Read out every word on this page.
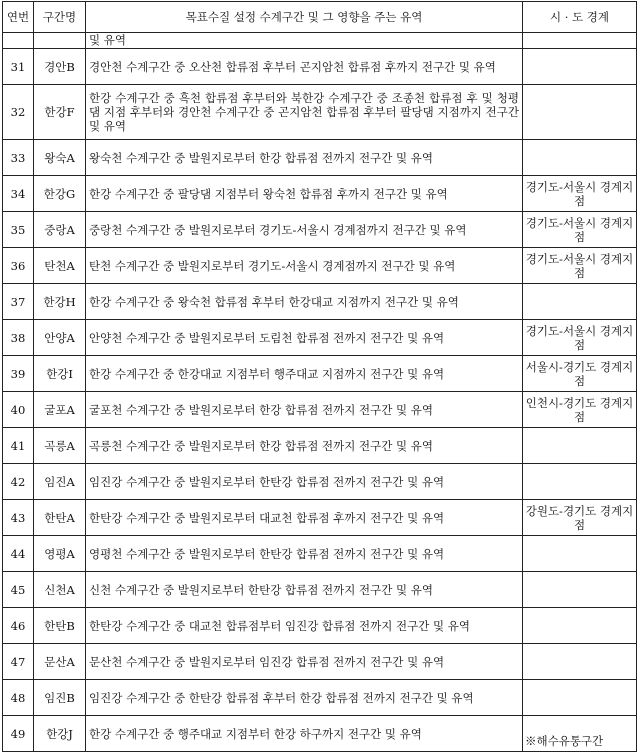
연번	구간명	목표수질 설정 수계구간 및 그 영향을 주는 유역	시 · 도 경계
		및 유역	
31	경안B	경안천 수계구간 중 오산천 합류점 후부터 곤지암천 합류점 후까지 전구간 및 유역	
32	한강F	한강 수계구간 중 흑천 합류점 후부터와 북한강 수계구간 중 조종천 합류점 후 및 청평댐 지점 후부터와 경안천 수계구간 중 곤지암천 합류점 후부터 팔당댐 지점까지 전구간 및 유역	
33	왕숙A	왕숙천 수계구간 중 발원지로부터 한강 합류점 전까지 전구간 및 유역	
34	한강G	한강 수계구간 중 팔당댐 지점부터 왕숙천 합류점 후까지 전구간 및 유역	경기도-서울시 경계지점
35	중랑A	중랑천 수계구간 중 발원지로부터 경기도-서울시 경계점까지 전구간 및 유역	경기도-서울시 경계지점
36	탄천A	탄천 수계구간 중 발원지로부터 경기도-서울시 경계점까지 전구간 및 유역	경기도-서울시 경계지점
37	한강H	한강 수계구간 중 왕숙천 합류점 후부터 한강대교 지점까지 전구간 및 유역	
38	안양A	안양천 수계구간 중 발원지로부터 도림천 합류점 전까지 전구간 및 유역	경기도-서울시 경계지점
39	한강I	한강 수계구간 중 한강대교 지점부터 행주대교 지점까지 전구간 및 유역	서울시-경기도 경계지점
40	굴포A	굴포천 수계구간 중 발원지로부터 한강 합류점 전까지 전구간 및 유역	인천시-경기도 경계지점
41	곡릉A	곡릉천 수계구간 중 발원지로부터 한강 합류점 전까지 전구간 및 유역	
42	임진A	임진강 수계구간 중 발원지로부터 한탄강 합류점 전까지 전구간 및 유역	
43	한탄A	한탄강 수계구간 중 발원지로부터 대교천 합류점 후까지 전구간 및 유역	강원도-경기도 경계지점
44	영평A	영평천 수계구간 중 발원지로부터 한탄강 합류점 전까지 전구간 및 유역	
45	신천A	신천 수계구간 중 발원지로부터 한탄강 합류점 전까지 전구간 및 유역	
46	한탄B	한탄강 수계구간 중 대교천 합류점부터 임진강 합류점 전까지 전구간 및 유역	
47	문산A	문산천 수계구간 중 발원지로부터 임진강 합류점 전까지 전구간 및 유역	
48	임진B	임진강 수계구간 중 한탄강 합류점 후부터 한강 합류점 전까지 전구간 및 유역	
49	한강J	한강 수계구간 중 행주대교 지점부터 한강 하구까지 전구간 및 유역	※해수유통구간
